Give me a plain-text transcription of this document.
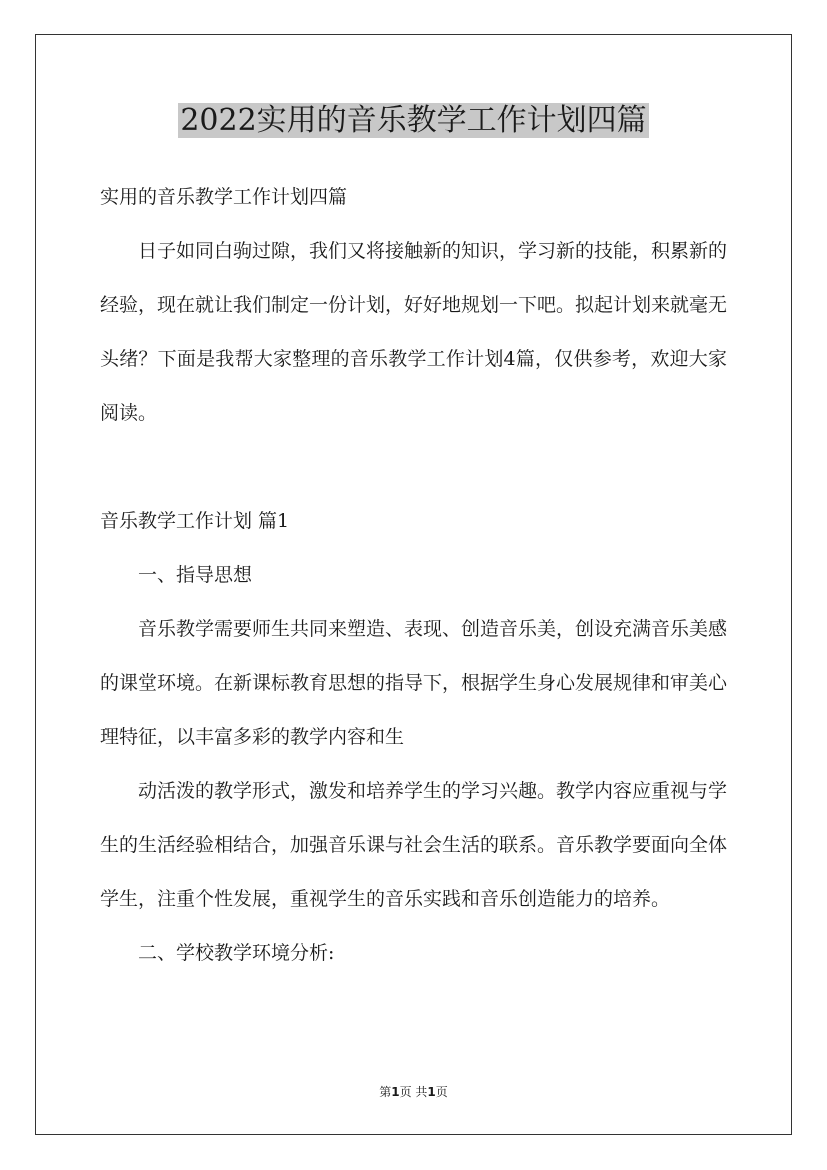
2022实用的音乐教学工作计划四篇

实用的音乐教学工作计划四篇

日子如同白驹过隙，我们又将接触新的知识，学习新的技能，积累新的经验，现在就让我们制定一份计划，好好地规划一下吧。拟起计划来就毫无头绪？下面是我帮大家整理的音乐教学工作计划4篇，仅供参考，欢迎大家阅读。

音乐教学工作计划 篇1

一、指导思想

音乐教学需要师生共同来塑造、表现、创造音乐美，创设充满音乐美感的课堂环境。在新课标教育思想的指导下，根据学生身心发展规律和审美心理特征，以丰富多彩的教学内容和生

动活泼的教学形式，激发和培养学生的学习兴趣。教学内容应重视与学生的生活经验相结合，加强音乐课与社会生活的联系。音乐教学要面向全体学生，注重个性发展，重视学生的音乐实践和音乐创造能力的培养。

二、学校教学环境分析:

第1页 共1页
